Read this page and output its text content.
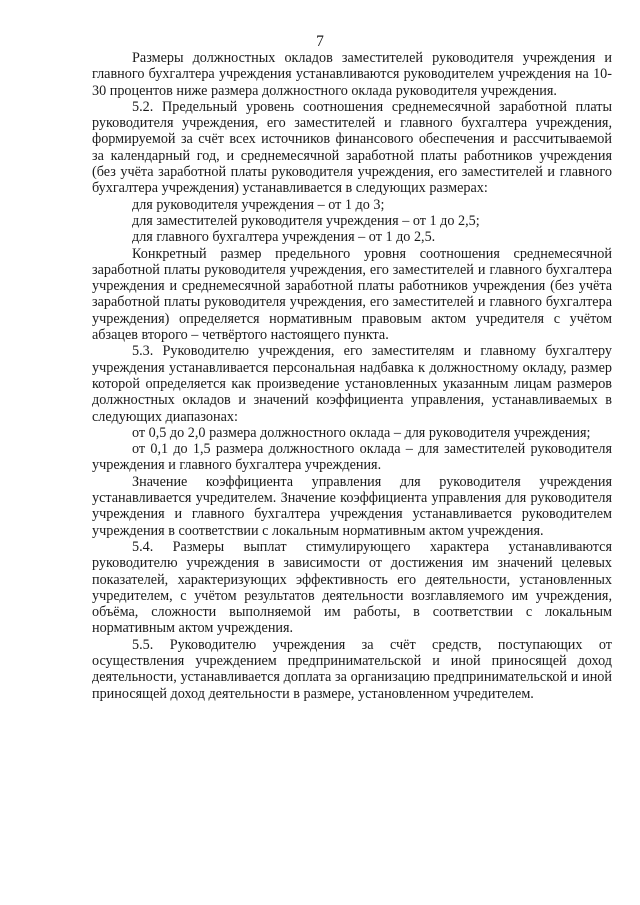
7

Размеры должностных окладов заместителей руководителя учреждения и главного бухгалтера учреждения устанавливаются руководителем учреждения на 10-30 процентов ниже размера должностного оклада руководителя учреждения.

5.2. Предельный уровень соотношения среднемесячной заработной платы руководителя учреждения, его заместителей и главного бухгалтера учреждения, формируемой за счёт всех источников финансового обеспечения и рассчитываемой за календарный год, и среднемесячной заработной платы работников учреждения (без учёта заработной платы руководителя учреждения, его заместителей и главного бухгалтера учреждения) устанавливается в следующих размерах:

для руководителя учреждения – от 1 до 3;

для заместителей руководителя учреждения – от 1 до 2,5;

для главного бухгалтера учреждения – от 1 до 2,5.

Конкретный размер предельного уровня соотношения среднемесячной заработной платы руководителя учреждения, его заместителей и главного бухгалтера учреждения и среднемесячной заработной платы работников учреждения (без учёта заработной платы руководителя учреждения, его заместителей и главного бухгалтера учреждения) определяется нормативным правовым актом учредителя с учётом абзацев второго – четвёртого настоящего пункта.

5.3. Руководителю учреждения, его заместителям и главному бухгалтеру учреждения устанавливается персональная надбавка к должностному окладу, размер которой определяется как произведение установленных указанным лицам размеров должностных окладов и значений коэффициента управления, устанавливаемых в следующих диапазонах:

от 0,5 до 2,0 размера должностного оклада – для руководителя учреждения;

от 0,1 до 1,5 размера должностного оклада – для заместителей руководителя учреждения и главного бухгалтера учреждения.

Значение коэффициента управления для руководителя учреждения устанавливается учредителем. Значение коэффициента управления для руководителя учреждения и главного бухгалтера учреждения устанавливается руководителем учреждения в соответствии с локальным нормативным актом учреждения.

5.4. Размеры выплат стимулирующего характера устанавливаются руководителю учреждения в зависимости от достижения им значений целевых показателей, характеризующих эффективность его деятельности, установленных учредителем, с учётом результатов деятельности возглавляемого им учреждения, объёма, сложности выполняемой им работы, в соответствии с локальным нормативным актом учреждения.

5.5. Руководителю учреждения за счёт средств, поступающих от осуществления учреждением предпринимательской и иной приносящей доход деятельности, устанавливается доплата за организацию предпринимательской и иной приносящей доход деятельности в размере, установленном учредителем.
